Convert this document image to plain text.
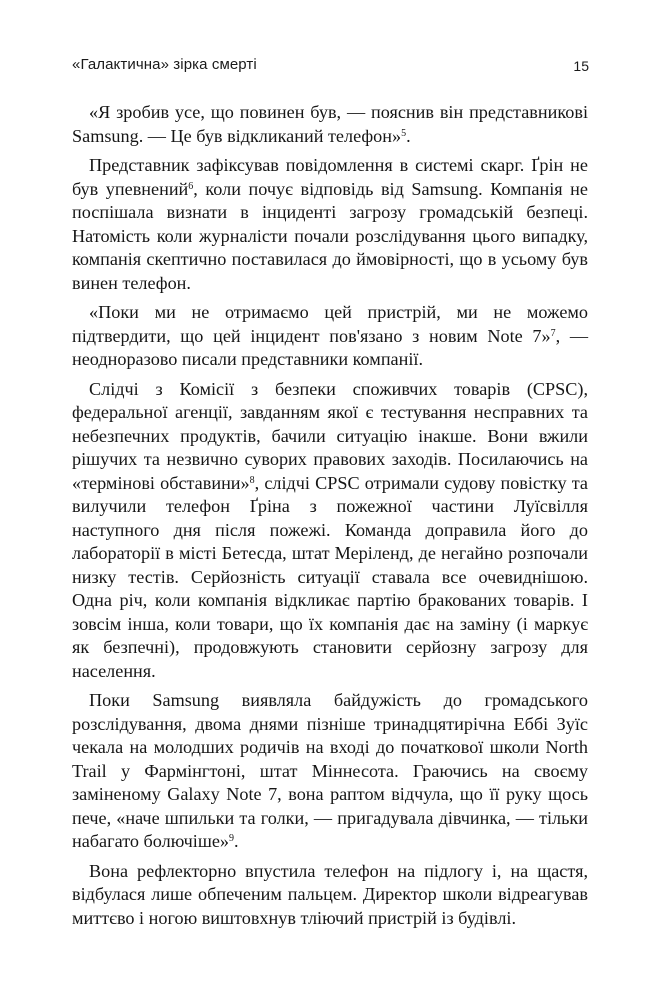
«Галактична» зірка смерті	15

«Я зробив усе, що повинен був, — пояснив він представникові Samsung. — Це був відкликаний телефон»$^5$.

Представник зафіксував повідомлення в системі скарг. Ґрін не був упевнений$^6$, коли почує відповідь від Samsung. Компанія не поспішала визнати в інциденті загрозу громадській безпеці. Натомість коли журналісти почали розслідування цього випадку, компанія скептично поставилася до ймовірності, що в усьому був винен телефон.

«Поки ми не отримаємо цей пристрій, ми не можемо підтвердити, що цей інцидент пов'язано з новим Note 7»$^7$, — неодноразово писали представники компанії.

Слідчі з Комісії з безпеки споживчих товарів (CPSC), федеральної агенції, завданням якої є тестування несправних та небезпечних продуктів, бачили ситуацію інакше. Вони вжили рішучих та незвично суворих правових заходів. Посилаючись на «термінові обставини»$^8$, слідчі CPSC отримали судову повістку та вилучили телефон Ґріна з пожежної частини Луїсвілля наступного дня після пожежі. Команда доправила його до лабораторії в місті Бетесда, штат Меріленд, де негайно розпочали низку тестів. Серйозність ситуації ставала все очевиднішою. Одна річ, коли компанія відкликає партію бракованих товарів. І зовсім інша, коли товари, що їх компанія дає на заміну (і маркує як безпечні), продовжують становити серйозну загрозу для населення.

Поки Samsung виявляла байдужість до громадського розслідування, двома днями пізніше тринадцятирічна Еббі Зуїс чекала на молодших родичів на вході до початкової школи North Trail у Фармінгтоні, штат Міннесота. Граючись на своєму заміненому Galaxy Note 7, вона раптом відчула, що її руку щось пече, «наче шпильки та голки, — пригадувала дівчинка, — тільки набагато болючіше»$^9$.

Вона рефлекторно впустила телефон на підлогу і, на щастя, відбулася лише обпеченим пальцем. Директор школи відреагував миттєво і ногою виштовхнув тліючий пристрій із будівлі.
